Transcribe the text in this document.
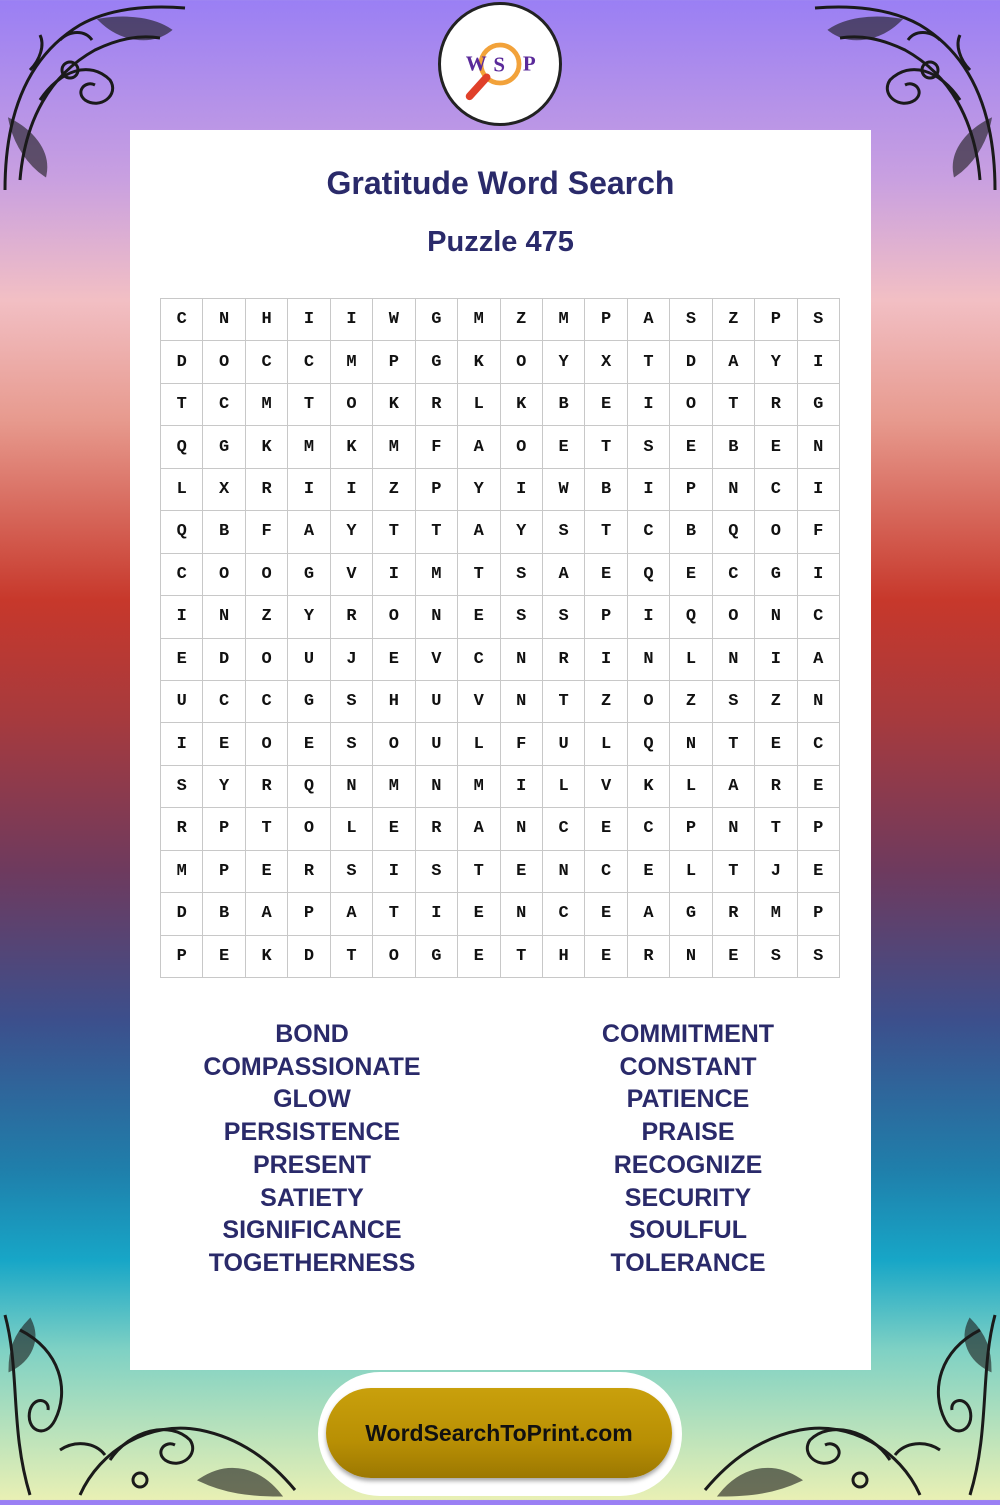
W S P
Gratitude Word Search
Puzzle 475
C	N	H	I	I	W	G	M	Z	M	P	A	S	Z	P	S
D	O	C	C	M	P	G	K	O	Y	X	T	D	A	Y	I
T	C	M	T	O	K	R	L	K	B	E	I	O	T	R	G
Q	G	K	M	K	M	F	A	O	E	T	S	E	B	E	N
L	X	R	I	I	Z	P	Y	I	W	B	I	P	N	C	I
Q	B	F	A	Y	T	T	A	Y	S	T	C	B	Q	O	F
C	O	O	G	V	I	M	T	S	A	E	Q	E	C	G	I
I	N	Z	Y	R	O	N	E	S	S	P	I	Q	O	N	C
E	D	O	U	J	E	V	C	N	R	I	N	L	N	I	A
U	C	C	G	S	H	U	V	N	T	Z	O	Z	S	Z	N
I	E	O	E	S	O	U	L	F	U	L	Q	N	T	E	C
S	Y	R	Q	N	M	N	M	I	L	V	K	L	A	R	E
R	P	T	O	L	E	R	A	N	C	E	C	P	N	T	P
M	P	E	R	S	I	S	T	E	N	C	E	L	T	J	E
D	B	A	P	A	T	I	E	N	C	E	A	G	R	M	P
P	E	K	D	T	O	G	E	T	H	E	R	N	E	S	S
BOND
COMPASSIONATE
GLOW
PERSISTENCE
PRESENT
SATIETY
SIGNIFICANCE
TOGETHERNESS
COMMITMENT
CONSTANT
PATIENCE
PRAISE
RECOGNIZE
SECURITY
SOULFUL
TOLERANCE
WordSearchToPrint.com
